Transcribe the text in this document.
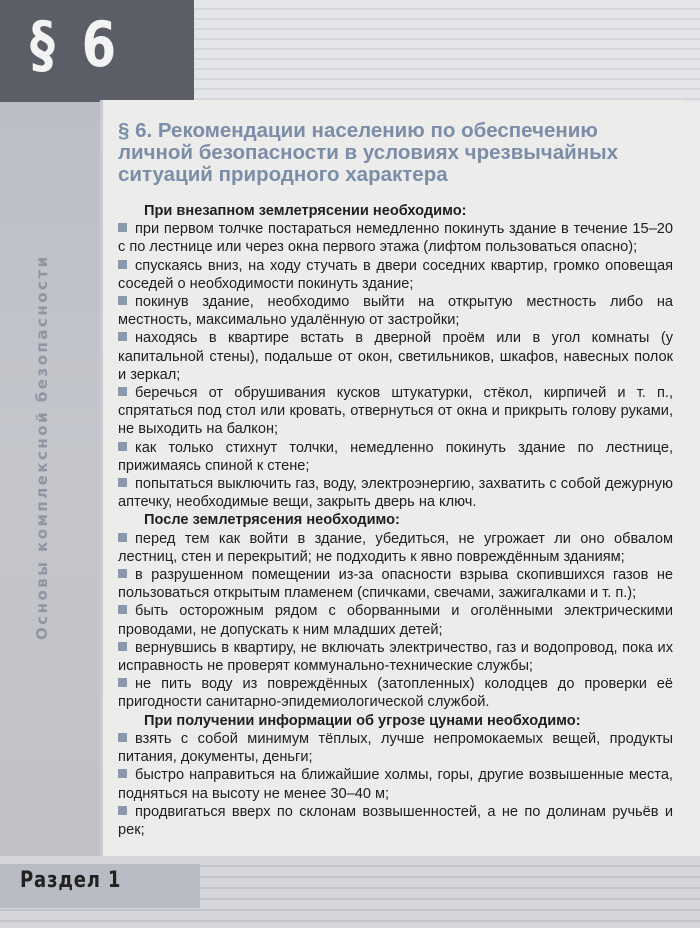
§ 6
Основы комплексной безопасности
§ 6. Рекомендации населению по обеспечению личной безопасности в условиях чрезвычайных ситуаций природного характера

При внезапном землетрясении необходимо:

при первом толчке постараться немедленно покинуть здание в течение 15–20 с по лестнице или через окна первого этажа (лифтом пользоваться опасно);

спускаясь вниз, на ходу стучать в двери соседних квартир, громко оповещая соседей о необходимости покинуть здание;

покинув здание, необходимо выйти на открытую местность либо на местность, максимально удалённую от застройки;

находясь в квартире встать в дверной проём или в угол комнаты (у капитальной стены), подальше от окон, светильников, шкафов, навесных полок и зеркал;

беречься от обрушивания кусков штукатурки, стёкол, кирпичей и т. п., спрятаться под стол или кровать, отвернуться от окна и прикрыть голову руками, не выходить на балкон;

как только стихнут толчки, немедленно покинуть здание по лестнице, прижимаясь спиной к стене;

попытаться выключить газ, воду, электроэнергию, захватить с собой дежурную аптечку, необходимые вещи, закрыть дверь на ключ.

После землетрясения необходимо:

перед тем как войти в здание, убедиться, не угрожает ли оно обвалом лестниц, стен и перекрытий; не подходить к явно повреждённым зданиям;

в разрушенном помещении из-за опасности взрыва скопившихся газов не пользоваться открытым пламенем (спичками, свечами, зажигалками и т. п.);

быть осторожным рядом с оборванными и оголёнными электрическими проводами, не допускать к ним младших детей;

вернувшись в квартиру, не включать электричество, газ и водопровод, пока их исправность не проверят коммунально-технические службы;

не пить воду из повреждённых (затопленных) колодцев до проверки её пригодности санитарно-эпидемиологической службой.

При получении информации об угрозе цунами необходимо:

взять с собой минимум тёплых, лучше непромокаемых вещей, продукты питания, документы, деньги;

быстро направиться на ближайшие холмы, горы, другие возвышенные места, подняться на высоту не менее 30–40 м;

продвигаться вверх по склонам возвышенностей, а не по долинам ручьёв и рек;

Раздел 1
